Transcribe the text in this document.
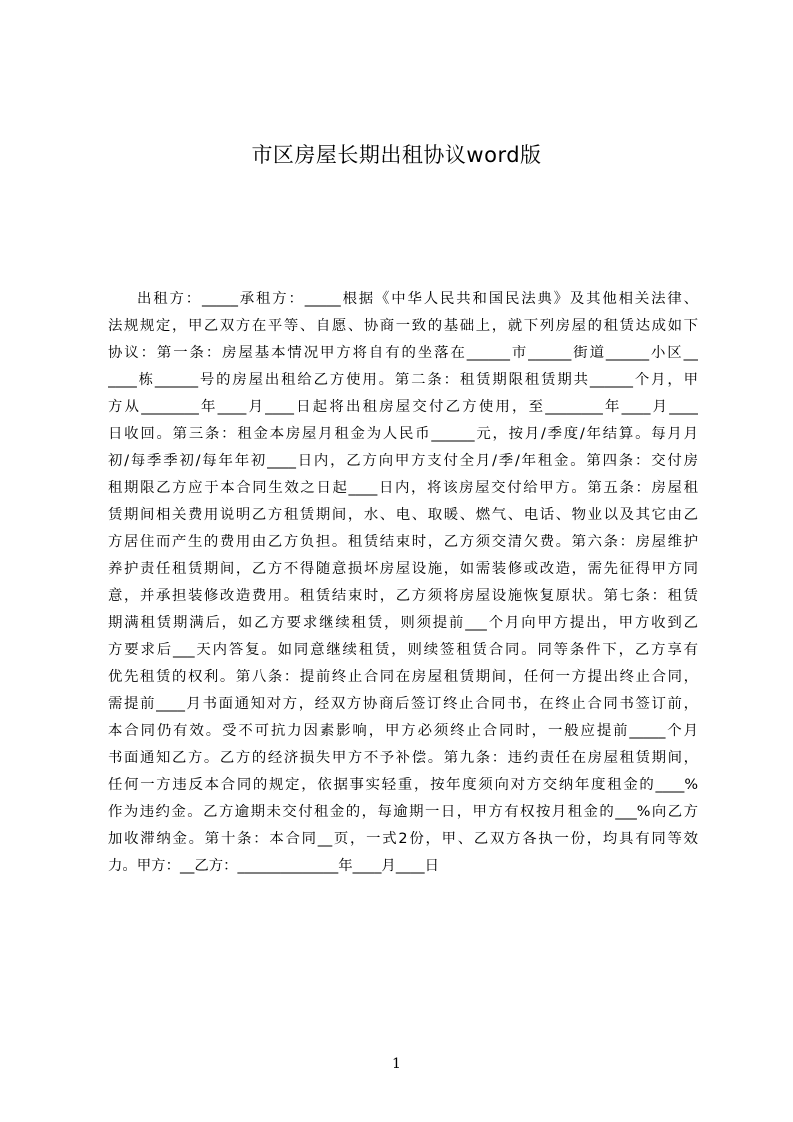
市区房屋长期出租协议word版
出租方：_____承租方：_____根据《中华人民共和国民法典》及其他相关法律、
法规规定，甲乙双方在平等、自愿、协商一致的基础上，就下列房屋的租赁达成如下
协议：第一条：房屋基本情况甲方将自有的坐落在______市______街道______小区__
____栋______号的房屋出租给乙方使用。第二条：租赁期限租赁期共______个月，甲
方从________年____月____日起将出租房屋交付乙方使用，至________年____月____
日收回。第三条：租金本房屋月租金为人民币______元，按月/季度/年结算。每月月
初/每季季初/每年年初____日内，乙方向甲方支付全月/季/年租金。第四条：交付房
租期限乙方应于本合同生效之日起____日内，将该房屋交付给甲方。第五条：房屋租
赁期间相关费用说明乙方租赁期间，水、电、取暖、燃气、电话、物业以及其它由乙
方居住而产生的费用由乙方负担。租赁结束时，乙方须交清欠费。第六条：房屋维护
养护责任租赁期间，乙方不得随意损坏房屋设施，如需装修或改造，需先征得甲方同
意，并承担装修改造费用。租赁结束时，乙方须将房屋设施恢复原状。第七条：租赁
期满租赁期满后，如乙方要求继续租赁，则须提前___个月向甲方提出，甲方收到乙
方要求后___天内答复。如同意继续租赁，则续签租赁合同。同等条件下，乙方享有
优先租赁的权利。第八条：提前终止合同在房屋租赁期间，任何一方提出终止合同，
需提前____月书面通知对方，经双方协商后签订终止合同书，在终止合同书签订前，
本合同仍有效。受不可抗力因素影响，甲方必须终止合同时，一般应提前_____个月
书面通知乙方。乙方的经济损失甲方不予补偿。第九条：违约责任在房屋租赁期间，
任何一方违反本合同的规定，依据事实轻重，按年度须向对方交纳年度租金的____%
作为违约金。乙方逾期未交付租金的，每逾期一日，甲方有权按月租金的___%向乙方
加收滞纳金。第十条：本合同__页，一式2份，甲、乙双方各执一份，均具有同等效
力。甲方：__乙方：______________年____月____日
1
